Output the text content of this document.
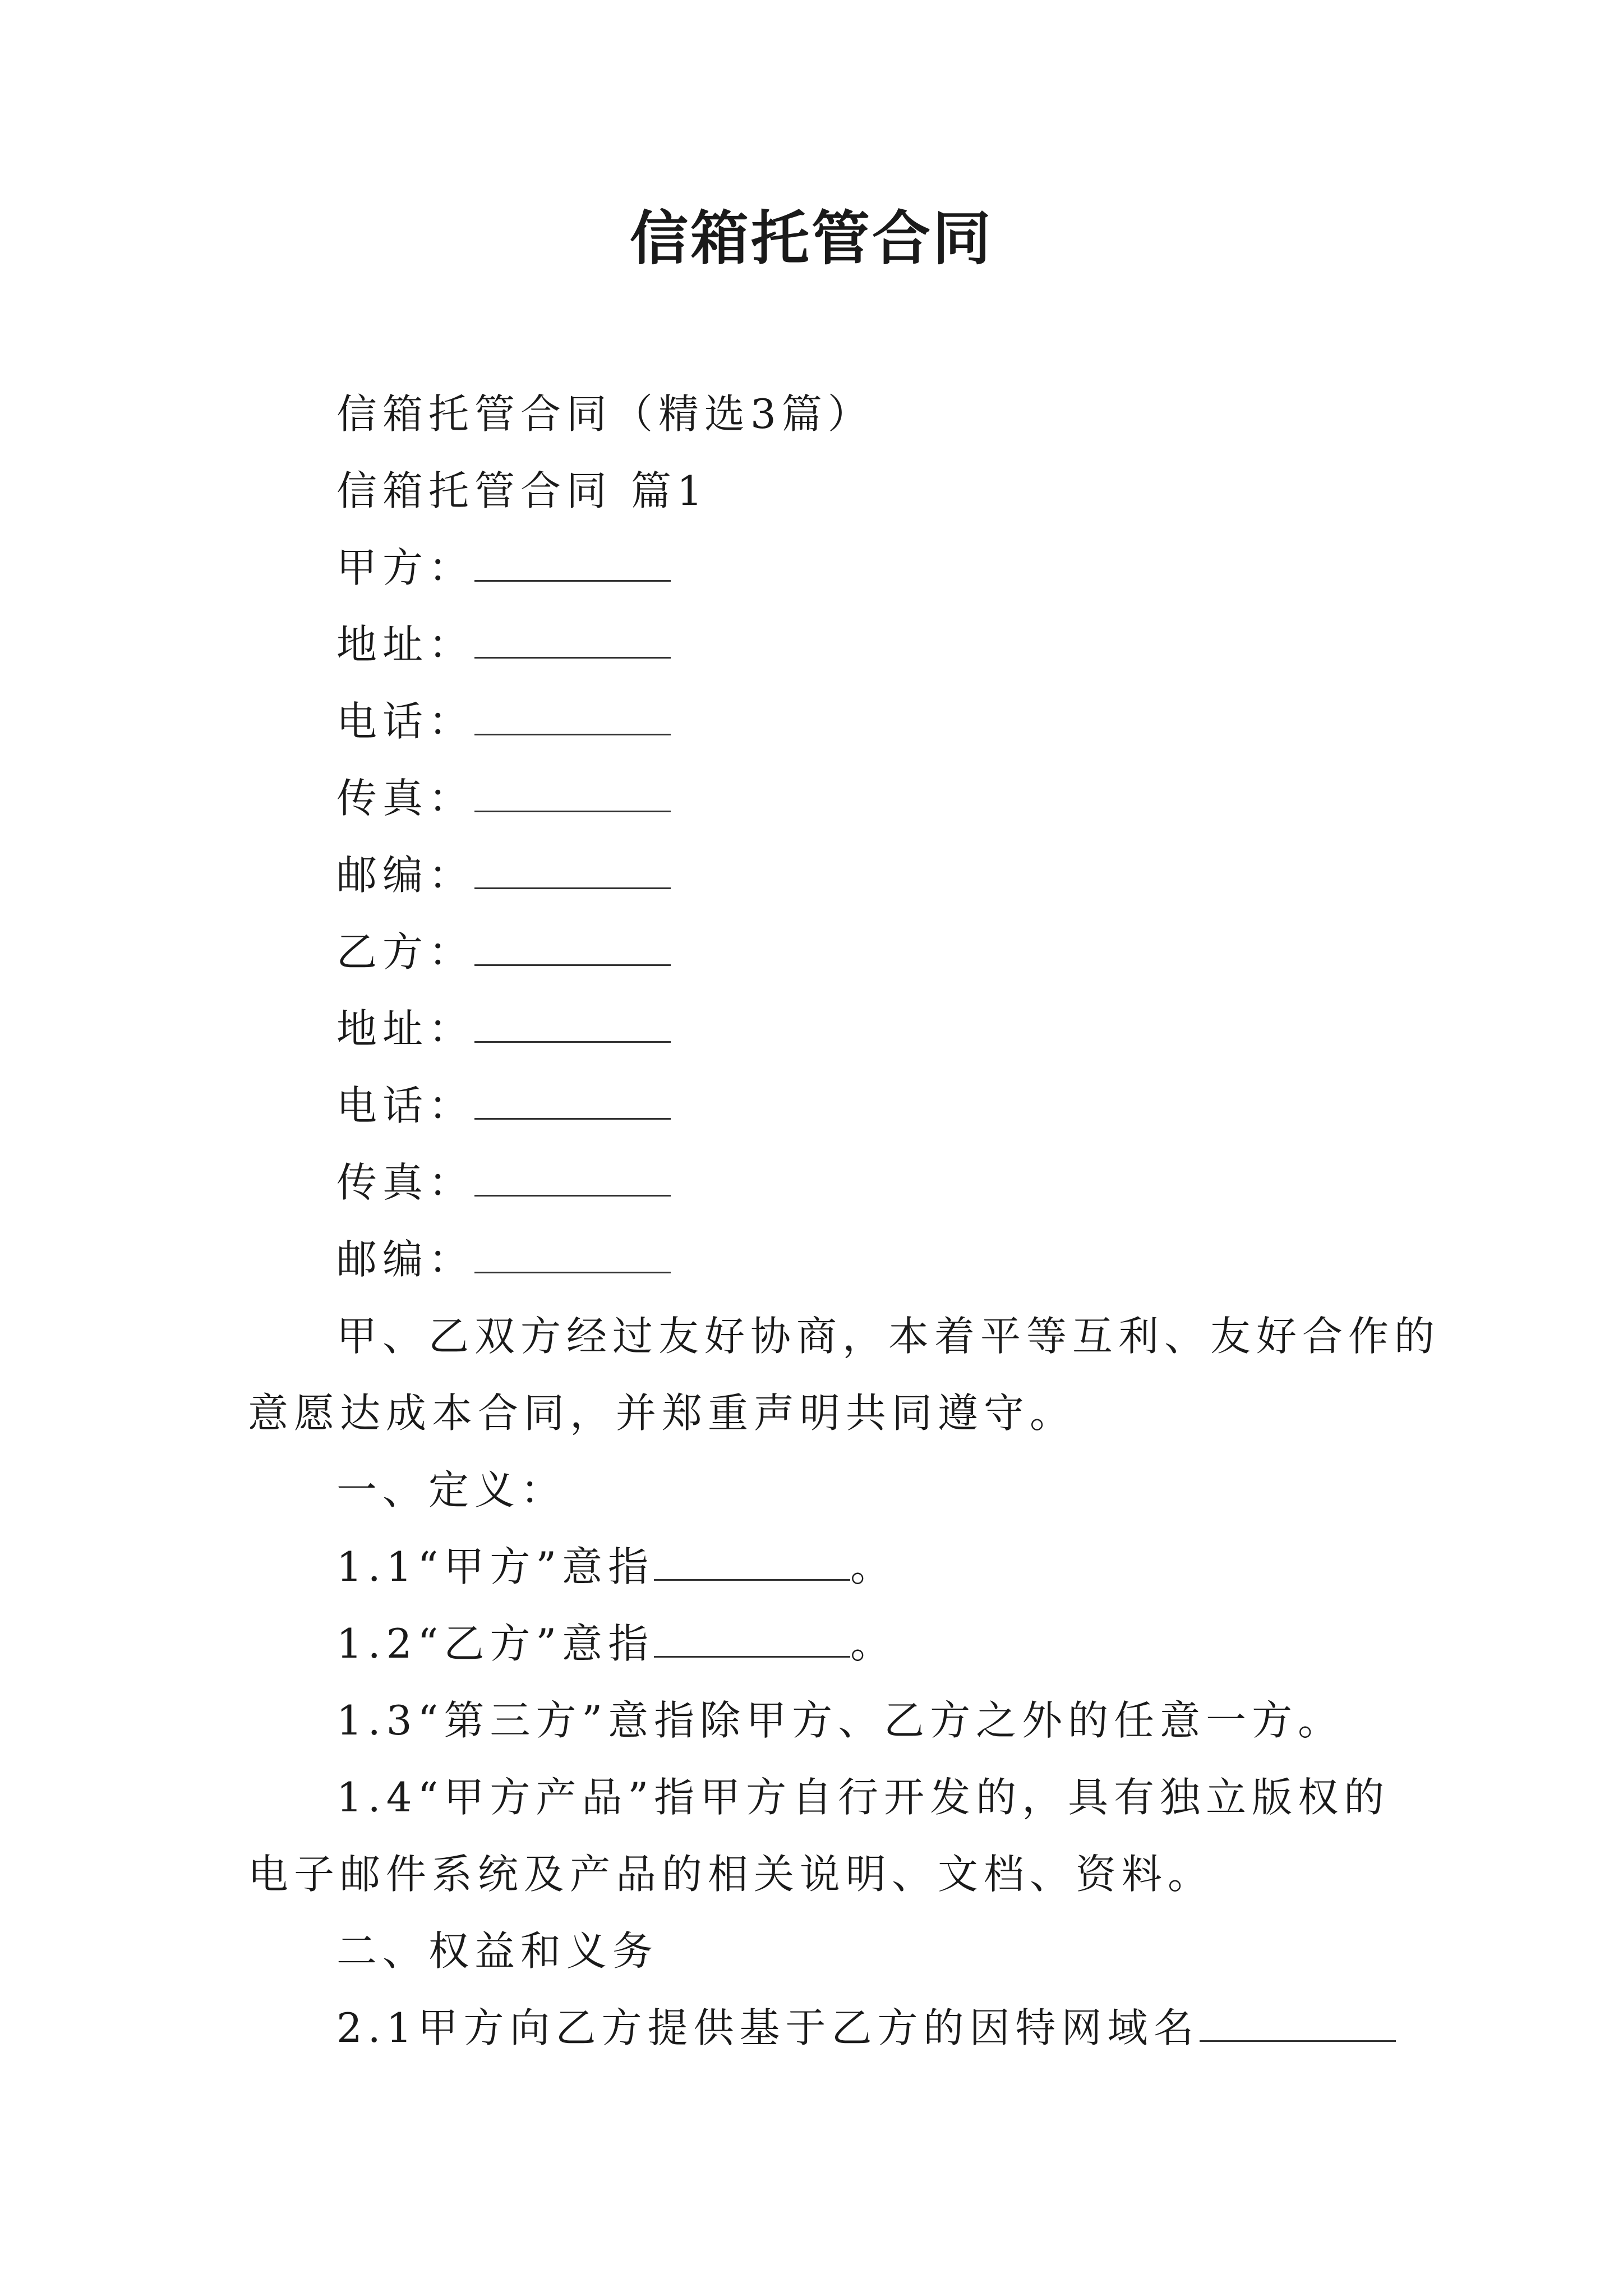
信箱托管合同
信箱托管合同（精选3篇）
信箱托管合同 篇1
甲方：
地址：
电话：
传真：
邮编：
乙方：
地址：
电话：
传真：
邮编：
甲、乙双方经过友好协商，本着平等互利、友好合作的
意愿达成本合同，并郑重声明共同遵守。
一、定义：
1.1“甲方”意指	。
1.2“乙方”意指	。
1.3“第三方”意指除甲方、乙方之外的任意一方。
1.4“甲方产品”指甲方自行开发的，具有独立版权的
电子邮件系统及产品的相关说明、文档、资料。
二、权益和义务
2.1甲方向乙方提供基于乙方的因特网域名
